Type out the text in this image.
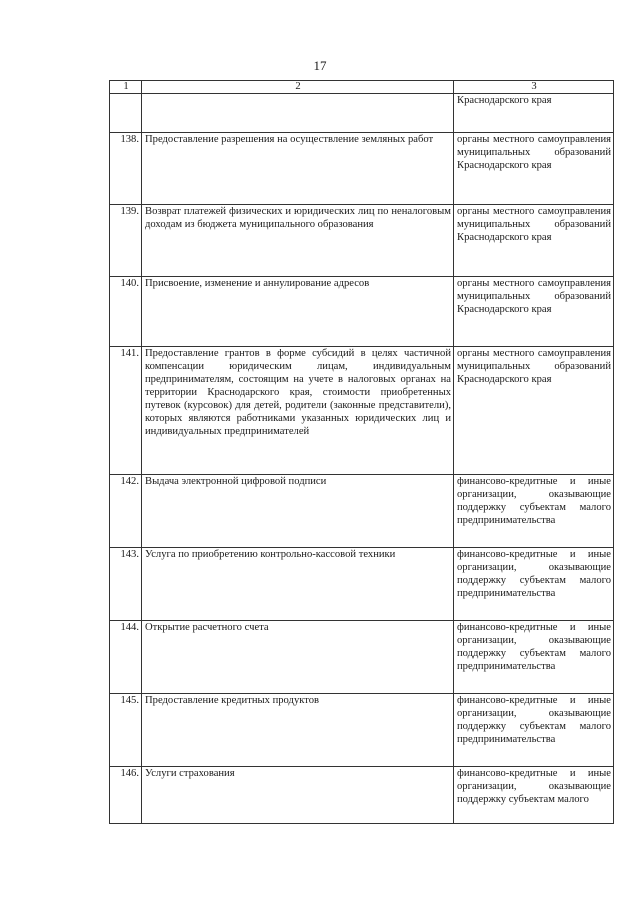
17
1	2	3
		Краснодарского края
138.	Предоставление разрешения на осуществление земляных работ	органы местного самоуправления муниципальных образований Краснодарского края
139.	Возврат платежей физических и юридических лиц по неналоговым доходам из бюджета муниципального образования	органы местного самоуправления муниципальных образований Краснодарского края
140.	Присвоение, изменение и аннулирование адресов	органы местного самоуправления муниципальных образований Краснодарского края
141.	Предоставление грантов в форме субсидий в целях частичной компенсации юридическим лицам, индивидуальным предпринимателям, состоящим на учете в налоговых органах на территории Краснодарского края, стоимости приобретенных путевок (курсовок) для детей, родители (законные представители), которых являются работниками указанных юридических лиц и индивидуальных предпринимателей	органы местного самоуправления муниципальных образований Краснодарского края
142.	Выдача электронной цифровой подписи	финансово-кредитные и иные организации, оказывающие поддержку субъектам малого предпринимательства
143.	Услуга по приобретению контрольно-кассовой техники	финансово-кредитные и иные организации, оказывающие поддержку субъектам малого предпринимательства
144.	Открытие расчетного счета	финансово-кредитные и иные организации, оказывающие поддержку субъектам малого предпринимательства
145.	Предоставление кредитных продуктов	финансово-кредитные и иные организации, оказывающие поддержку субъектам малого предпринимательства
146.	Услуги страхования	финансово-кредитные и иные организации, оказывающие поддержку субъектам малого
